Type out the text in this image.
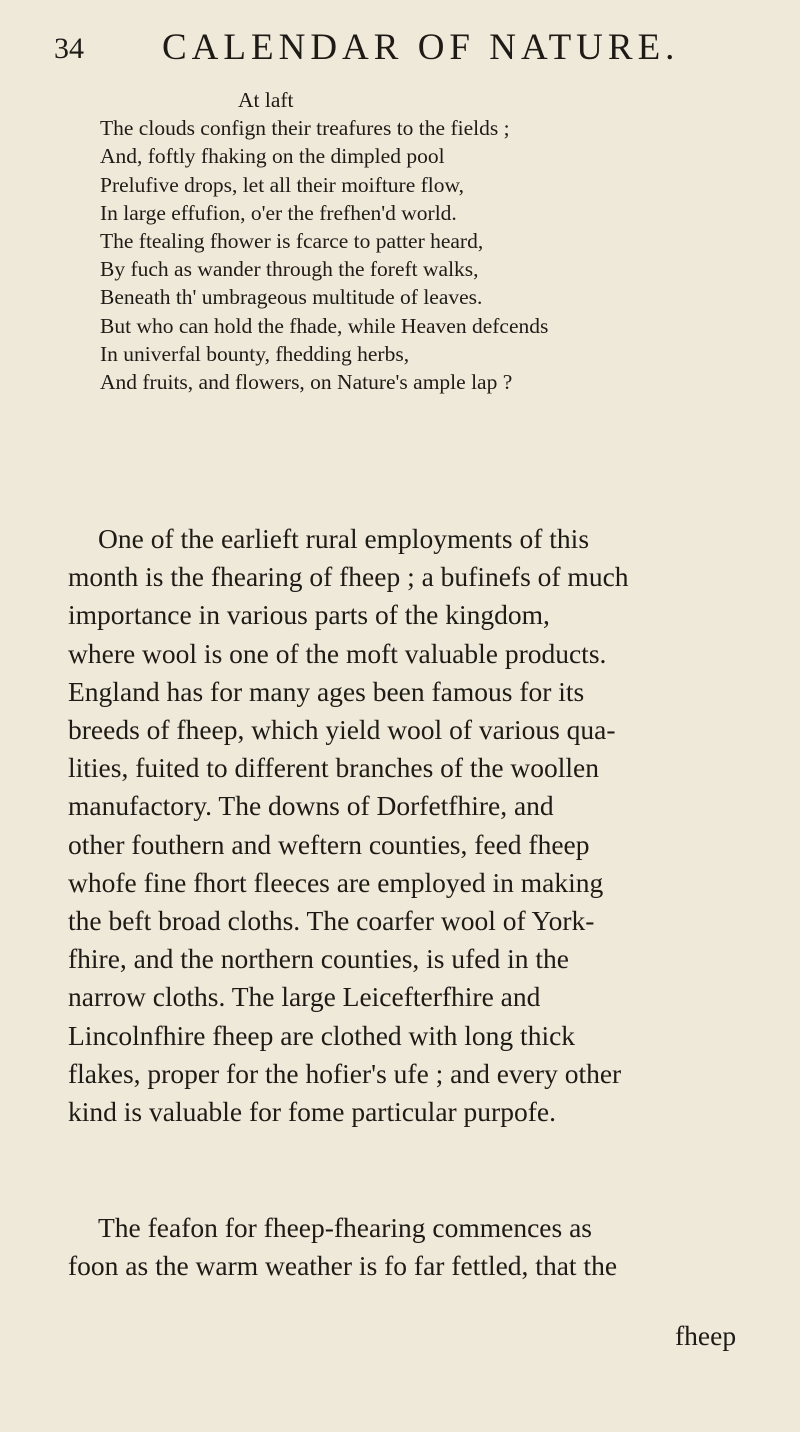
34 CALENDAR OF NATURE.
At laft
The clouds confign their treafures to the fields ;
And, foftly fhaking on the dimpled pool
Prelufive drops, let all their moifture flow,
In large effufion, o'er the frefhen'd world.
The ftealing fhower is fcarce to patter heard,
By fuch as wander through the foreft walks,
Beneath th' umbrageous multitude of leaves.
But who can hold the fhade, while Heaven defcends
In univerfal bounty, fhedding herbs,
And fruits, and flowers, on Nature's ample lap ?
One of the earlieft rural employments of this
month is the fhearing of fheep ; a bufinefs of much
importance in various parts of the kingdom,
where wool is one of the moft valuable products.
England has for many ages been famous for its
breeds of fheep, which yield wool of various qua-
lities, fuited to different branches of the woollen
manufactory. The downs of Dorfetfhire, and
other fouthern and weftern counties, feed fheep
whofe fine fhort fleeces are employed in making
the beft broad cloths. The coarfer wool of York-
fhire, and the northern counties, is ufed in the
narrow cloths. The large Leicefterfhire and
Lincolnfhire fheep are clothed with long thick
flakes, proper for the hofier's ufe ; and every other
kind is valuable for fome particular purpofe.
The feafon for fheep-fhearing commences as
foon as the warm weather is fo far fettled, that the
fheep
